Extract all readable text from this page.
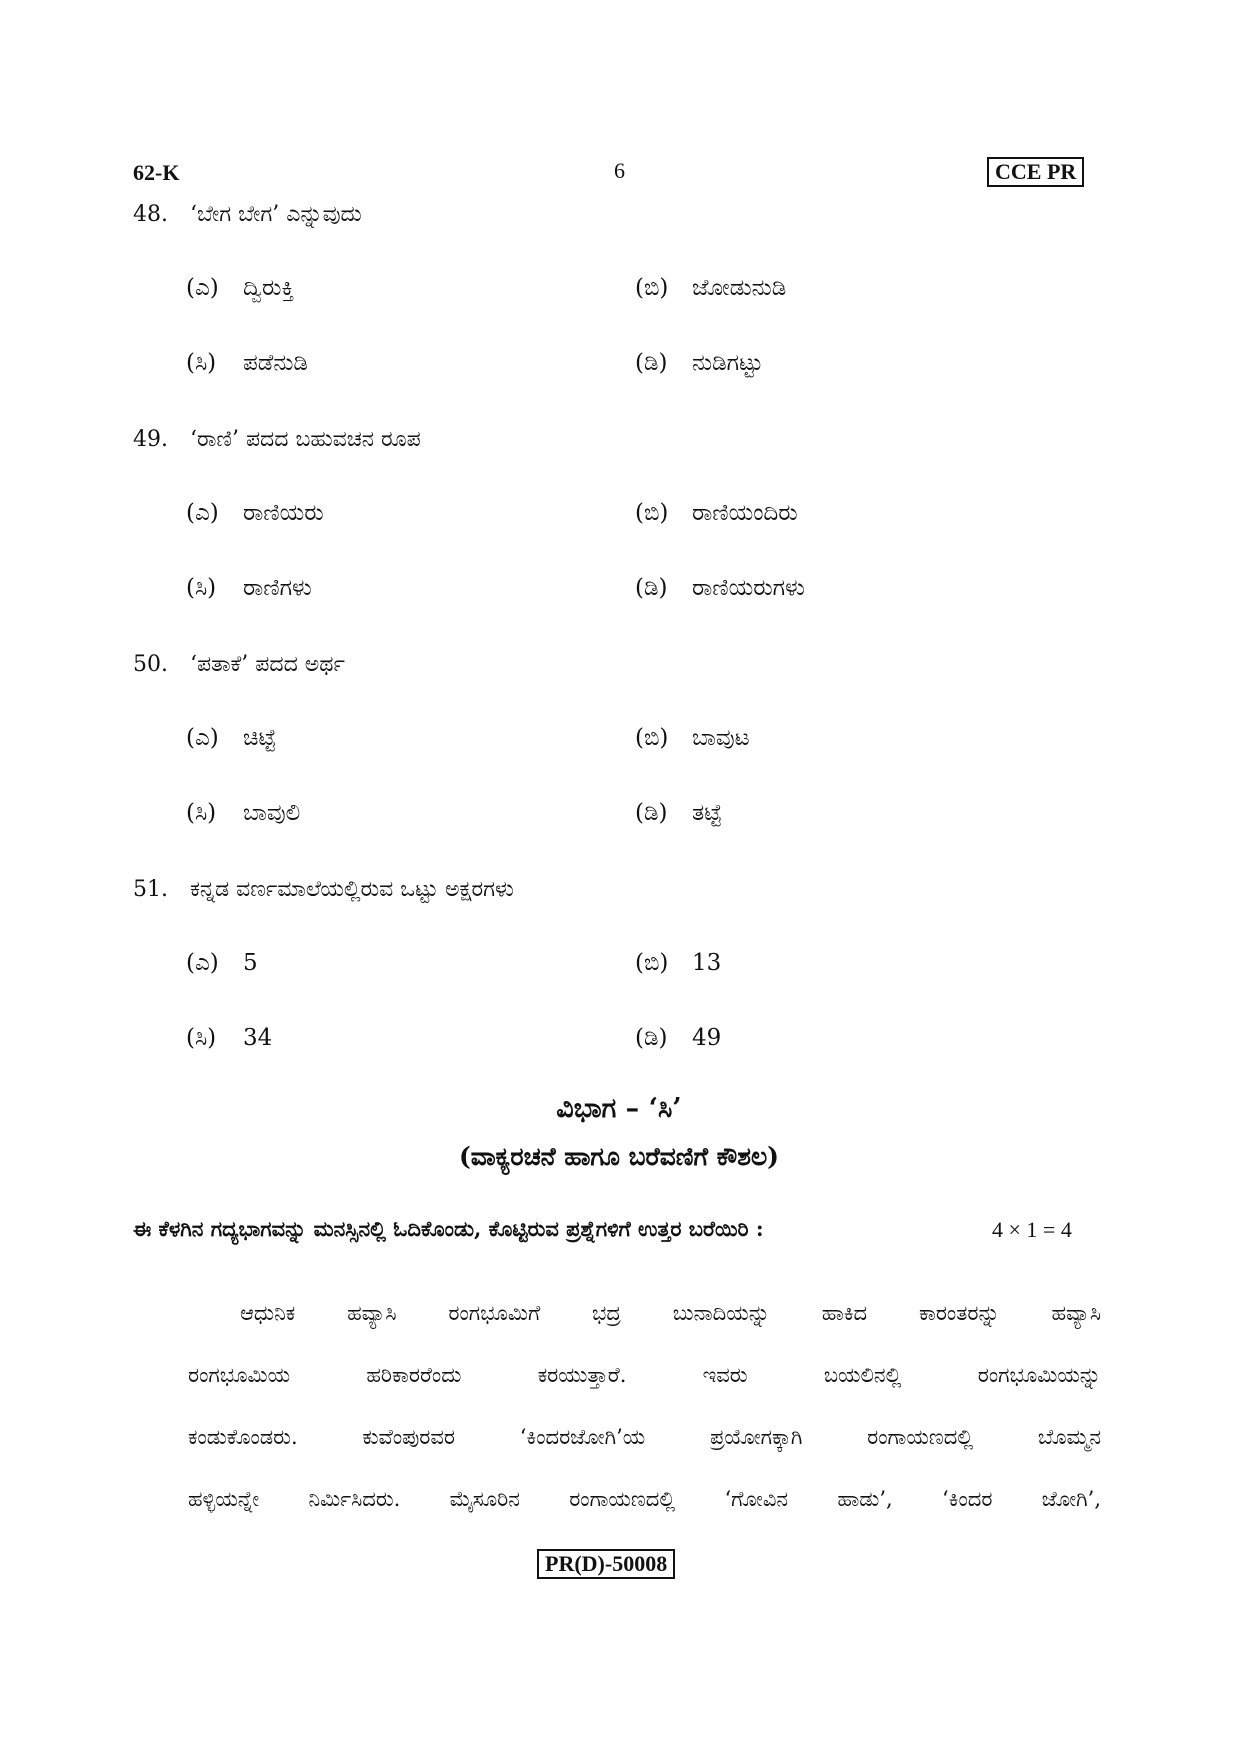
62-K	6	CCE PR
48. ‘ಬೇಗ ಬೇಗ’ ಎನ್ನುವುದು
(ಎ) ದ್ವಿರುಕ್ತಿ	(ಬಿ) ಜೋಡುನುಡಿ
(ಸಿ) ಪಡೆನುಡಿ	(ಡಿ) ನುಡಿಗಟ್ಟು
49. ‘ರಾಣಿ’ ಪದದ ಬಹುವಚನ ರೂಪ
(ಎ) ರಾಣಿಯರು	(ಬಿ) ರಾಣಿಯಂದಿರು
(ಸಿ) ರಾಣಿಗಳು	(ಡಿ) ರಾಣಿಯರುಗಳು
50. ‘ಪತಾಕೆ’ ಪದದ ಅರ್ಥ
(ಎ) ಚಿಟ್ಟೆ	(ಬಿ) ಬಾವುಟ
(ಸಿ) ಬಾವುಲಿ	(ಡಿ) ತಟ್ಟೆ
51. ಕನ್ನಡ ವರ್ಣಮಾಲೆಯಲ್ಲಿರುವ ಒಟ್ಟು ಅಕ್ಷರಗಳು
(ಎ) 5	(ಬಿ) 13
(ಸಿ) 34	(ಡಿ) 49
ವಿಭಾಗ – ‘ಸಿ’
(ವಾಕ್ಯರಚನೆ ಹಾಗೂ ಬರೆವಣಿಗೆ ಕೌಶಲ)
ಈ ಕೆಳಗಿನ ಗದ್ಯಭಾಗವನ್ನು ಮನಸ್ಸಿನಲ್ಲಿ ಓದಿಕೊಂಡು, ಕೊಟ್ಟಿರುವ ಪ್ರಶ್ನೆಗಳಿಗೆ ಉತ್ತರ ಬರೆಯಿರಿ :	4 × 1 = 4
ಆಧುನಿಕ ಹವ್ಯಾಸಿ ರಂಗಭೂಮಿಗೆ ಭದ್ರ ಬುನಾದಿಯನ್ನು ಹಾಕಿದ ಕಾರಂತರನ್ನು ಹವ್ಯಾಸಿ
ರಂಗಭೂಮಿಯ ಹರಿಕಾರರೆಂದು ಕರಯುತ್ತಾರೆ. ಇವರು ಬಯಲಿನಲ್ಲಿ ರಂಗಭೂಮಿಯನ್ನು
ಕಂಡುಕೊಂಡರು. ಕುವೆಂಪುರವರ ‘ಕಿಂದರಜೋಗಿ’ಯ ಪ್ರಯೋಗಕ್ಕಾಗಿ ರಂಗಾಯಣದಲ್ಲಿ ಬೊಮ್ಮನ
ಹಳ್ಳಿಯನ್ನೇ ನಿರ್ಮಿಸಿದರು. ಮೈಸೂರಿನ ರಂಗಾಯಣದಲ್ಲಿ ‘ಗೋವಿನ ಹಾಡು’, ‘ಕಿಂದರ ಜೋಗಿ’,
PR(D)-50008
